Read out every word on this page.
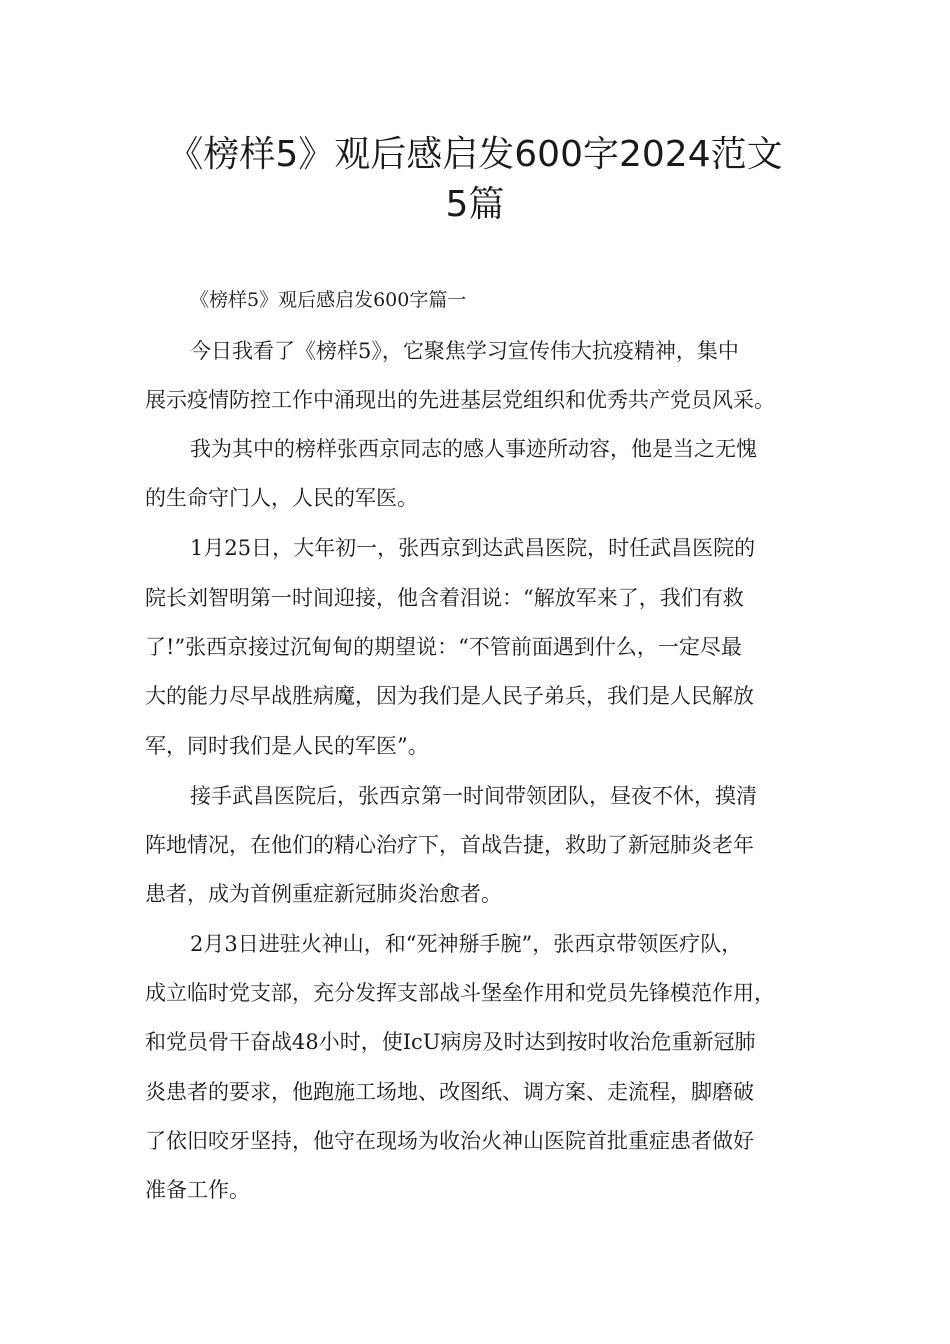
《榜样5》观后感启发600字2024范文
5篇

《榜样5》观后感启发600字篇一

今日我看了《榜样5》，它聚焦学习宣传伟大抗疫精神，集中

展示疫情防控工作中涌现出的先进基层党组织和优秀共产党员风采。

我为其中的榜样张西京同志的感人事迹所动容，他是当之无愧

的生命守门人，人民的军医。

1月25日，大年初一，张西京到达武昌医院，时任武昌医院的

院长刘智明第一时间迎接，他含着泪说：“解放军来了，我们有救

了!”张西京接过沉甸甸的期望说：“不管前面遇到什么，一定尽最

大的能力尽早战胜病魔，因为我们是人民子弟兵，我们是人民解放

军，同时我们是人民的军医”。

接手武昌医院后，张西京第一时间带领团队，昼夜不休，摸清

阵地情况，在他们的精心治疗下，首战告捷，救助了新冠肺炎老年

患者，成为首例重症新冠肺炎治愈者。

2月3日进驻火神山，和“死神掰手腕”，张西京带领医疗队，

成立临时党支部，充分发挥支部战斗堡垒作用和党员先锋模范作用，

和党员骨干奋战48小时，使IcU病房及时达到按时收治危重新冠肺

炎患者的要求，他跑施工场地、改图纸、调方案、走流程，脚磨破

了依旧咬牙坚持，他守在现场为收治火神山医院首批重症患者做好

准备工作。
